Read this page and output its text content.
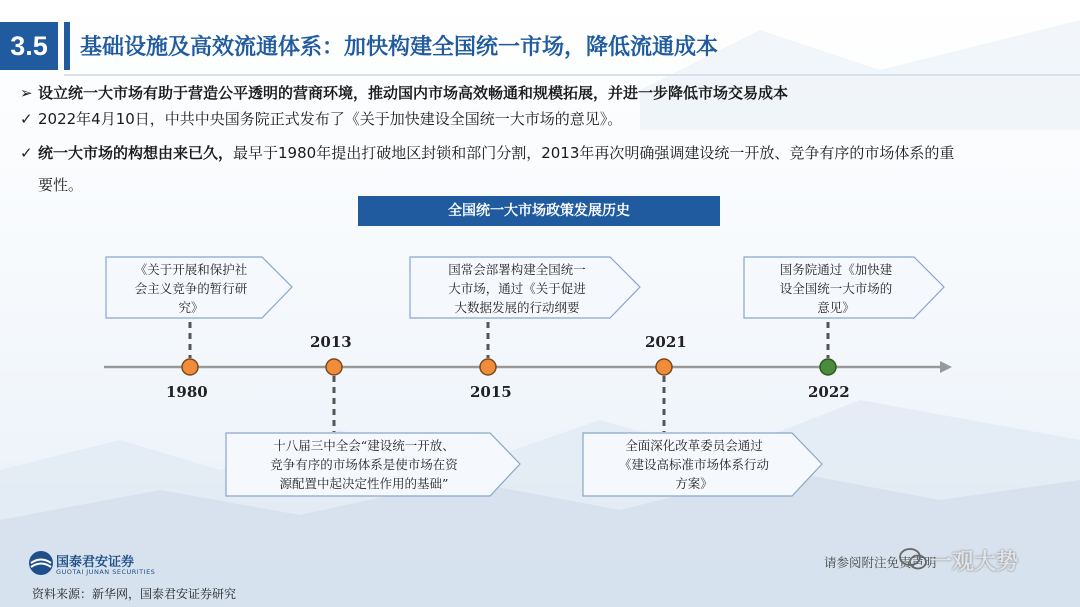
3.5	基础设施及高效流通体系：加快构建全国统一市场，降低流通成本
➢ 设立统一大市场有助于营造公平透明的营商环境，推动国内市场高效畅通和规模拓展，并进一步降低市场交易成本
✓ 2022年4月10日，中共中央国务院正式发布了《关于加快建设全国统一大市场的意见》。
✓ 统一大市场的构想由来已久，最早于1980年提出打破地区封锁和部门分割，2013年再次明确强调建设统一开放、竞争有序的市场体系的重
要性。
全国统一大市场政策发展历史
1980
2013
2015
2021
2022
《关于开展和保护社
会主义竞争的暂行研
究》
十八届三中全会“建设统一开放、
竞争有序的市场体系是使市场在资
源配置中起决定性作用的基础”
国常会部署构建全国统一
大市场，通过《关于促进
大数据发展的行动纲要
全面深化改革委员会通过
《建设高标准市场体系行动
方案》
国务院通过《加快建
设全国统一大市场的
意见》
国泰君安证券
GUOTAI JUNAN SECURITIES
资料来源：新华网，国泰君安证券研究
请参阅附注免责声明
一观大势
